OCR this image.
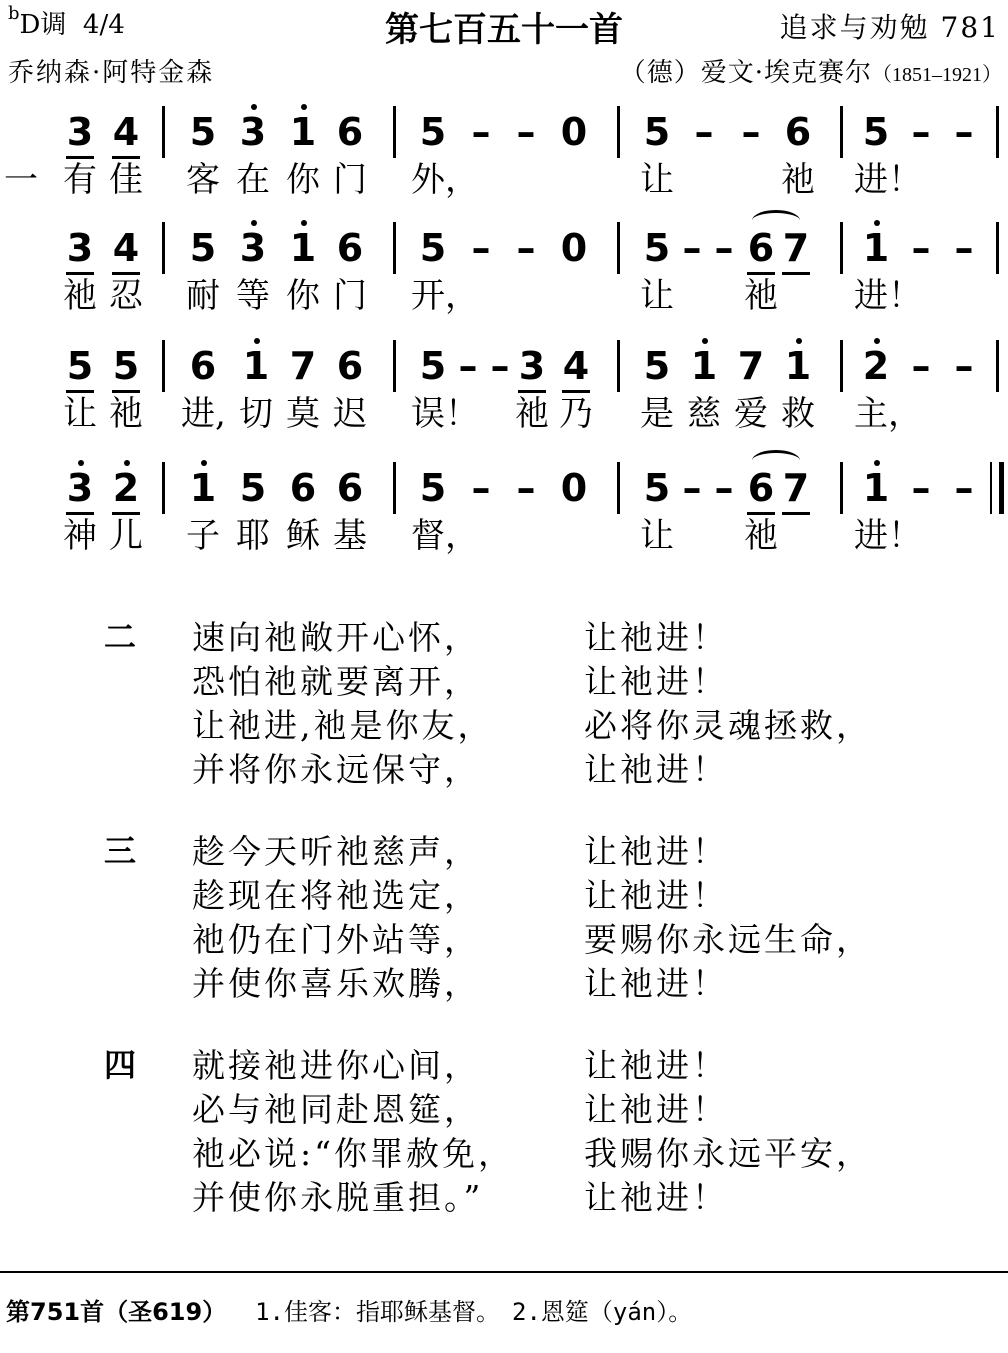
$^b$D调 4/4	第七百五十一首	追求与劝勉 781
乔纳森·阿特金森	（德）爱文·埃克赛尔（1851–1921）
3 4 5 3 1 6 5 – – 0 5 – – 6 5 – –
一 有 佳 客 在 你 门 外，	让	祂 进！
3 4 5 3 1 6 5 – – 0 5 – – 6 7 1 – –
祂 忍 耐 等 你 门 开，	让 祂 进！
5 5 6 1 7 6 5 – – 3 4 5 1 7 1 2 – –
让 祂 进, 切 莫 迟 误！	祂 乃 是 慈 爱 救 主，
3 2 1 5 6 6 5 – – 0 5 – – 6 7 1 – –
神 儿 子 耶 稣 基 督，	让 祂 进！
二 速向祂敞开心怀，	让祂进！
恐怕祂就要离开，	让祂进！
让祂进,祂是你友，	必将你灵魂拯救，
并将你永远保守，	让祂进！
三 趁今天听祂慈声，	让祂进！
趁现在将祂选定，	让祂进！
祂仍在门外站等，	要赐你永远生命，
并使你喜乐欢腾，	让祂进！
四 就接祂进你心间，	让祂进！
必与祂同赴恩筵，	让祂进！
祂必说:“你罪赦免， 我赐你永远平安，
并使你永脱重担。”	让祂进！
第751首（圣619） 1.佳客：指耶稣基督。　2.恩筵（yán）。
